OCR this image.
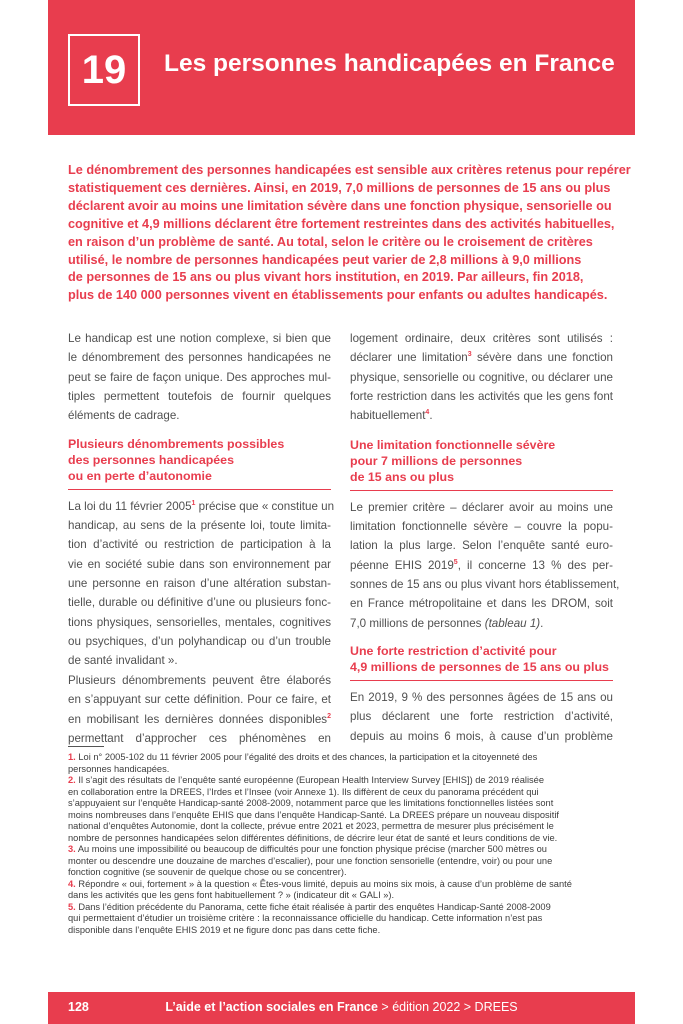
19	Les personnes handicapées en France

Le dénombrement des personnes handicapées est sensible aux critères retenus pour repérer

statistiquement ces dernières. Ainsi, en 2019, 7,0 millions de personnes de 15 ans ou plus

déclarent avoir au moins une limitation sévère dans une fonction physique, sensorielle ou

cognitive et 4,9 millions déclarent être fortement restreintes dans des activités habituelles,

en raison d’un problème de santé. Au total, selon le critère ou le croisement de critères

utilisé, le nombre de personnes handicapées peut varier de 2,8 millions à 9,0 millions

de personnes de 15 ans ou plus vivant hors institution, en 2019. Par ailleurs, fin 2018,

plus de 140 000 personnes vivent en établissements pour enfants ou adultes handicapés.

Le handicap est une notion complexe, si bien que

le dénombrement des personnes handicapées ne

peut se faire de façon unique. Des approches mul-

tiples permettent toutefois de fournir quelques

éléments de cadrage.

Plusieurs dénombrements possibles
des personnes handicapées
ou en perte d’autonomie

La loi du 11 février 2005$^1$ précise que « constitue un

handicap, au sens de la présente loi, toute limita-

tion d’activité ou restriction de participation à la

vie en société subie dans son environnement par

une personne en raison d’une altération substan-

tielle, durable ou définitive d’une ou plusieurs fonc-

tions physiques, sensorielles, mentales, cognitives

ou psychiques, d’un polyhandicap ou d’un trouble

de santé invalidant ».

Plusieurs dénombrements peuvent être élaborés

en s’appuyant sur cette définition. Pour ce faire, et

en mobilisant les dernières données disponibles$^2$

permettant d’approcher ces phénomènes en

logement ordinaire, deux critères sont utilisés :

déclarer une limitation$^3$ sévère dans une fonction

physique, sensorielle ou cognitive, ou déclarer une

forte restriction dans les activités que les gens font

habituellement$^4$.

Une limitation fonctionnelle sévère
pour 7 millions de personnes
de 15 ans ou plus

Le premier critère – déclarer avoir au moins une

limitation fonctionnelle sévère – couvre la popu-

lation la plus large. Selon l’enquête santé euro-

péenne EHIS 2019$^5$, il concerne 13 % des per-

sonnes de 15 ans ou plus vivant hors établissement,

en France métropolitaine et dans les DROM, soit

7,0 millions de personnes (tableau 1).

Une forte restriction d’activité pour
4,9 millions de personnes de 15 ans ou plus

En 2019, 9 % des personnes âgées de 15 ans ou

plus déclarent une forte restriction d’activité,

depuis au moins 6 mois, à cause d’un problème

1. Loi n° 2005-102 du 11 février 2005 pour l’égalité des droits et des chances, la participation et la citoyenneté des

personnes handicapées.

2. Il s’agit des résultats de l’enquête santé européenne (European Health Interview Survey [EHIS]) de 2019 réalisée

en collaboration entre la DREES, l’Irdes et l’Insee (voir Annexe 1). Ils diffèrent de ceux du panorama précédent qui

s’appuyaient sur l’enquête Handicap-santé 2008-2009, notamment parce que les limitations fonctionnelles listées sont

moins nombreuses dans l’enquête EHIS que dans l’enquête Handicap-Santé. La DREES prépare un nouveau dispositif

national d’enquêtes Autonomie, dont la collecte, prévue entre 2021 et 2023, permettra de mesurer plus précisément le

nombre de personnes handicapées selon différentes définitions, de décrire leur état de santé et leurs conditions de vie.

3. Au moins une impossibilité ou beaucoup de difficultés pour une fonction physique précise (marcher 500 mètres ou

monter ou descendre une douzaine de marches d’escalier), pour une fonction sensorielle (entendre, voir) ou pour une

fonction cognitive (se souvenir de quelque chose ou se concentrer).

4. Répondre « oui, fortement » à la question « Êtes-vous limité, depuis au moins six mois, à cause d’un problème de santé

dans les activités que les gens font habituellement ? » (indicateur dit « GALI »).

5. Dans l’édition précédente du Panorama, cette fiche était réalisée à partir des enquêtes Handicap-Santé 2008-2009

qui permettaient d’étudier un troisième critère : la reconnaissance officielle du handicap. Cette information n’est pas

disponible dans l’enquête EHIS 2019 et ne figure donc pas dans cette fiche.

128	L’aide et l’action sociales en France > édition 2022 > DREES
